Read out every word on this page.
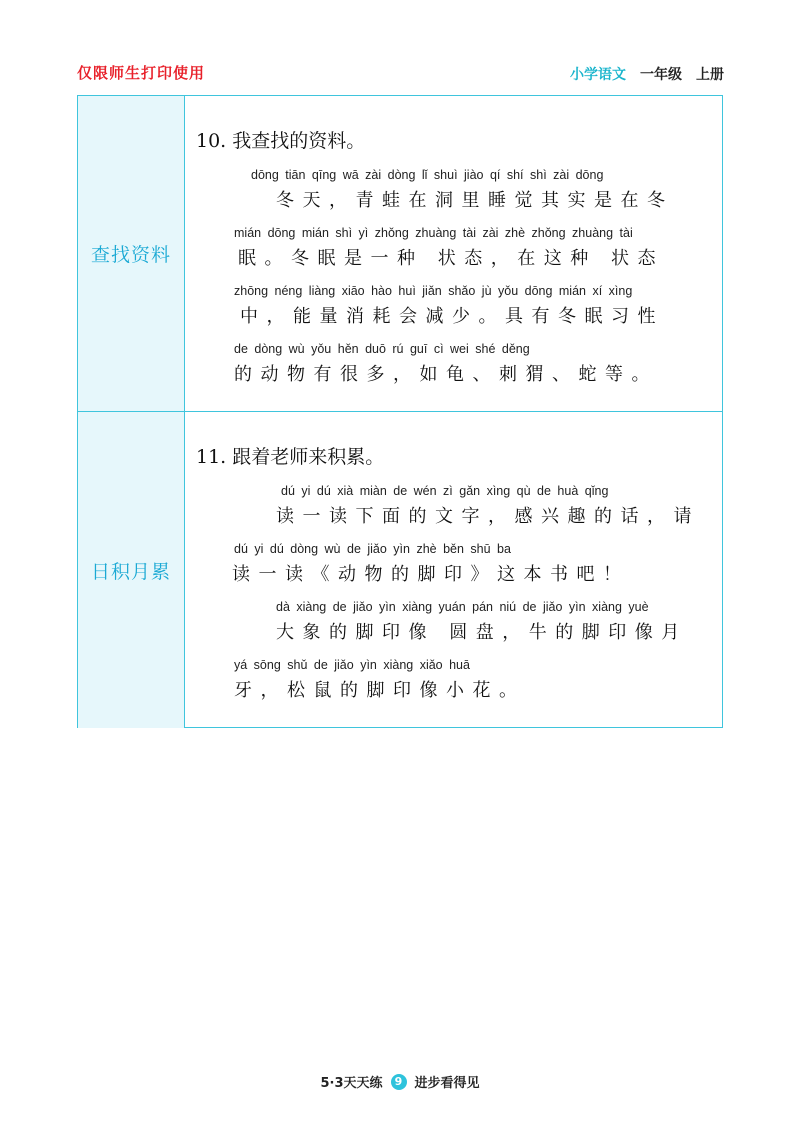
仅限师生打印使用	小学语文 一年级 上册
查找资料
10. 我查找的资料。
dōng tiān qīng wā zài dòng lǐ shuì jiào qí shí shì zài dōng
冬天，青蛙在洞里睡觉其实是在冬
mián dōng mián shì yì zhǒng zhuàng tài zài zhè zhǒng zhuàng tài
眠。冬眠是一种 状态，在这种 状态
zhōng néng liàng xiāo hào huì jiǎn shǎo jù yǒu dōng mián xí xìng
中，能量消耗会减少。具有冬眠习性
de dòng wù yǒu hěn duō rú guī cì wei shé děng
的动物有很多，如龟、刺猬、蛇等。
日积月累
11. 跟着老师来积累。
dú yi dú xià miàn de wén zì gǎn xìng qù de huà qǐng
读一读下面的文字，感兴趣的话，请
dú yi dú dòng wù de jiǎo yìn zhè běn shū ba
读一读《动物的脚印》这本书吧！
dà xiàng de jiǎo yìn xiàng yuán pán niú de jiǎo yìn xiàng yuè
大象的脚印像 圆盘，牛的脚印像月
yá sōng shǔ de jiǎo yìn xiàng xiǎo huā
牙，松鼠的脚印像小花。
5·3天天练	9 进步看得见
